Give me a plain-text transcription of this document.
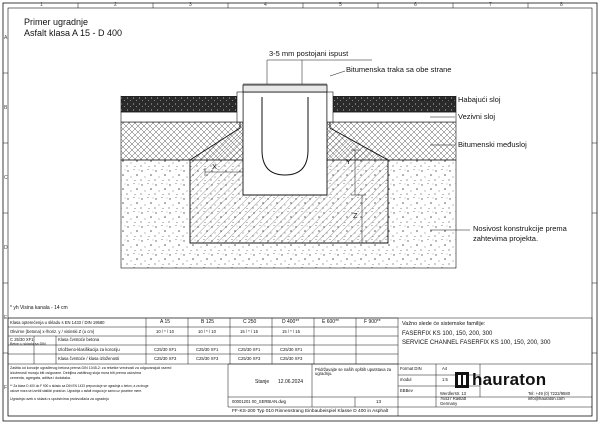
1	2	3	4	5	6	7	8
A
B
C
D
E
F
Primer ugradnje
Asfalt klasa A 15 - D 400
3-5 mm postojani ispust
Bitumenska traka sa obe strane
Habajući sloj
Vezivni sloj
Bitumenski međusloj
Nosivost konstrukcije prema
zahtevima projekta.
X
Y
Z
* yh Visina kanala - 14 cm
Klasa opterećenja u skladu s EN 1433 / DIN 19580	A 15	B 125	C 250	D 400**	E 600**	F 900**
Okvirne (betona) x-/horiz. y / visinski Z (u cm)	10 / * / 10	10 / * / 10	15 / * / 15	15 / * / 15
C 25/30 XF1
Beton u skladu sa DIN
Klasa čvrstoće betona
Izložbeno-klasifikacija za koroziju	C25/30 XF1	C25/30 XF1	C25/30 XF1	C25/30 XF1
Klasa čvrstoće / klasa izloženosti	C25/30 XF3	C25/30 XF3	C25/30 XF3	C25/30 XF3
Zaštita od korozije ugrađenog betona prema DIN 1045-2: za rešetke vrednosti za odgovarajući razred
izloženosti moraju biti osigurane. Debljina zaštitnog sloja mora biti prema uslovima
cementa, agregata, aditiva i dodataka.
** Za klase D 400 do F 900 u skladu sa DIN EN 1433 preporučuje se ugradnja u beton, a za druge
uslove mora se izvršiti statički proračun. Ugradnja u asfalt moguća je samo uz posebne mere.
Ugradnja uvek u skladu s uputstvima proizvođača za ugradnju
Važno slede će sistemske familije:
FASERFIX KS 100, 150, 200, 300
SERVICE CHANNEL FASERFIX KS 100, 150, 200, 300
Stanje 12.06.2024
Pridržavajte se naših opštih uputstava za ugradnju.
00001201 00_SERBIAN.dwg	13
Format DIN	A4
modul	1:5
EBBev
FF-KS-200 Typ 010 Rinnenstrang Einbaubeispiel Klasse D 400 in Asphalt
hauraton
Werdlerstr. 13
76437 Rastatt
Germany
Tel: +49 (0) 7222/9580
info@hauraton.com
